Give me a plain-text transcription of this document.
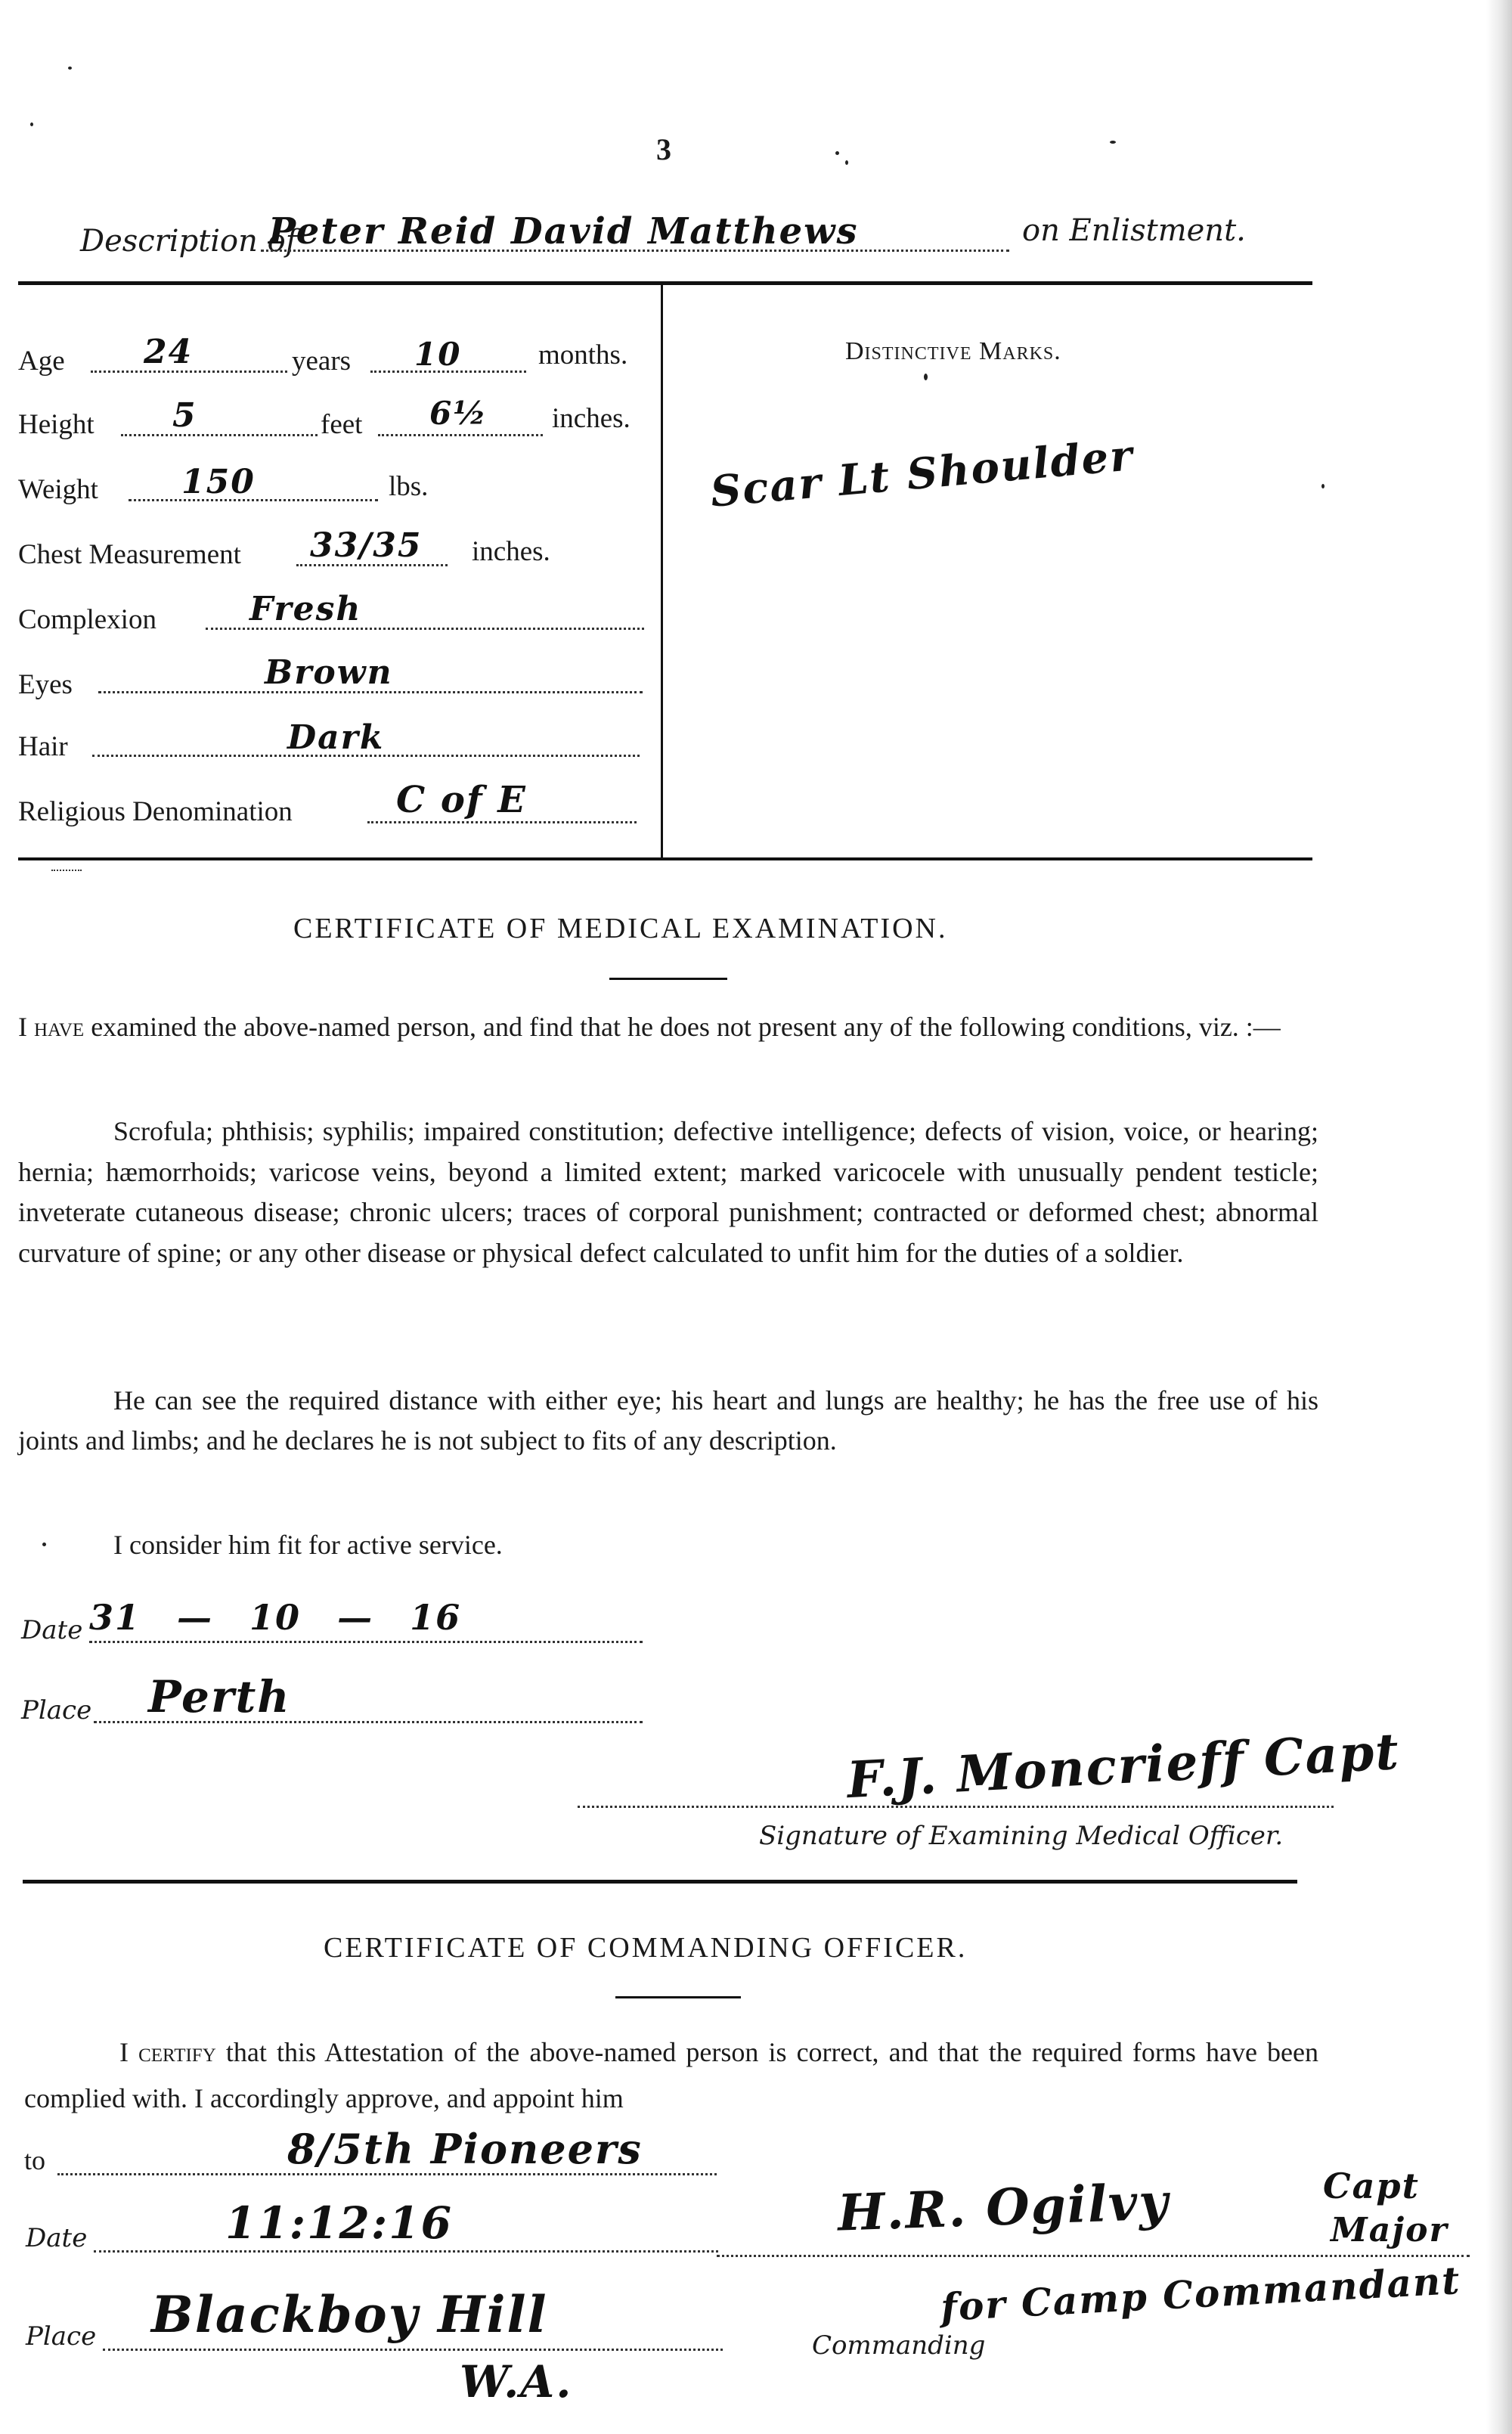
3
Description of
Peter Reid David Matthews	on Enlistment.
Age 24	years 10	months.
Height 5	feet 6½ inches.
Weight	150	lbs.
Chest Measurement 33/35 inches.
Complexion	Fresh
Eyes	Brown
Hair	Dark
Religious Denomination	C of E
Distinctive Marks.
Scar Lt Shoulder
CERTIFICATE OF MEDICAL EXAMINATION.
I have examined the above-named person, and find that he does not present any of the following conditions, viz. :—
Scrofula; phthisis; syphilis; impaired constitution; defective intelligence; defects of vision, voice, or hearing; hernia; hæmorrhoids; varicose veins, beyond a limited extent; marked varicocele with unusually pendent testicle; inveterate cutaneous disease; chronic ulcers; traces of corporal punishment; contracted or deformed chest; abnormal curvature of spine; or any other disease or physical defect calculated to unfit him for the duties of a soldier.
He can see the required distance with either eye; his heart and lungs are healthy; he has the free use of his joints and limbs; and he declares he is not subject to fits of any description.
I consider him fit for active service.
Date 31 — 10 — 16
Place Perth
F.J. Moncrieff Capt
Signature of Examining Medical Officer.
CERTIFICATE OF COMMANDING OFFICER.
I certify that this Attestation of the above-named person is correct, and that the required forms have been complied with. I accordingly approve, and appoint him
to	8/5th Pioneers
Date	11:12:16	H.R. Ogilvy	Capt
Major
for Camp Commandant
Place Blackboy Hill
W.A.
Commanding
